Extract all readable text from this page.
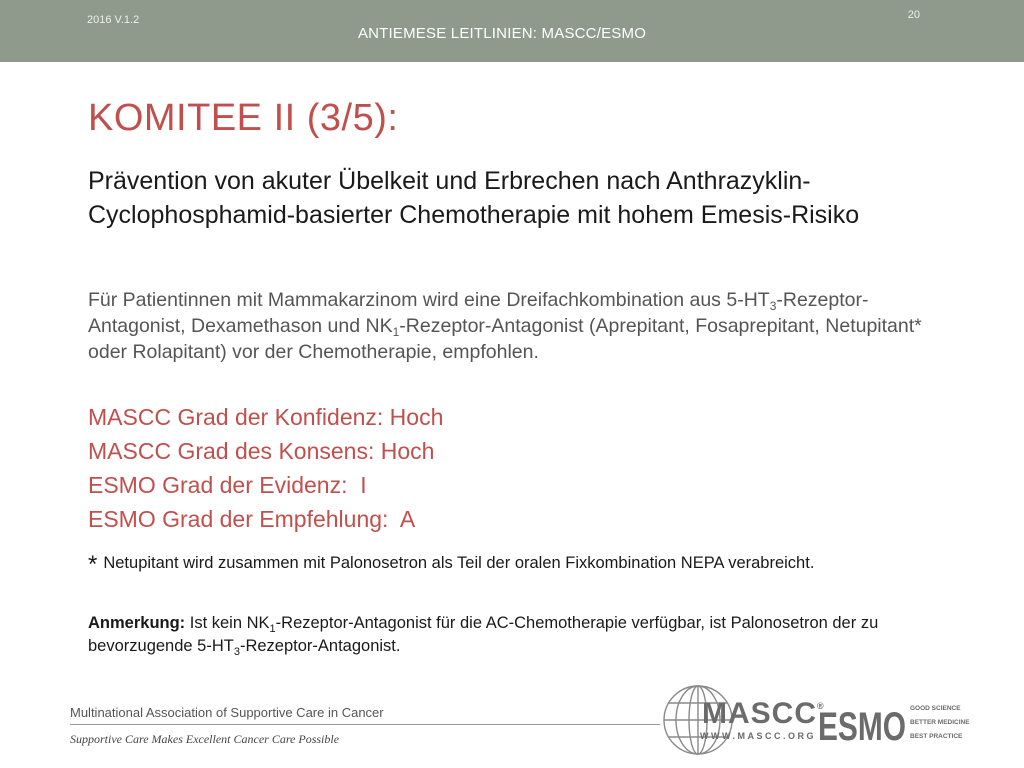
2016 V.1.2	20
ANTIEMESE LEITLINIEN: MASCC/ESMO
KOMITEE II (3/5):
Prävention von akuter Übelkeit und Erbrechen nach Anthrazyklin-Cyclophosphamid-basierter Chemotherapie mit hohem Emesis-Risiko
Für Patientinnen mit Mammakarzinom wird eine Dreifachkombination aus $5-HT_3-Rezeptor$-Antagonist, Dexamethason und $NK_1-Rezeptor$-Antagonist (Aprepitant, Fosaprepitant, Netupitant* oder Rolapitant) vor der Chemotherapie, empfohlen.
MASCC Grad der Konfidenz: Hoch
MASCC Grad des Konsens: Hoch
ESMO Grad der Evidenz:  I
ESMO Grad der Empfehlung:  A
* Netupitant wird zusammen mit Palonosetron als Teil der oralen Fixkombination NEPA verabreicht.
Anmerkung: Ist kein $NK_1-Rezeptor$-Antagonist für die AC-Chemotherapie verfügbar, ist Palonosetron der zu bevorzugende $5-HT_3-Rezeptor$-Antagonist.
Multinational Association of Supportive Care in Cancer
Supportive Care Makes Excellent Cancer Care Possible
MASCC®
WWW.MASCC.ORG ESMO GOOD SCIENCE
BETTER MEDICINE
BEST PRACTICE
